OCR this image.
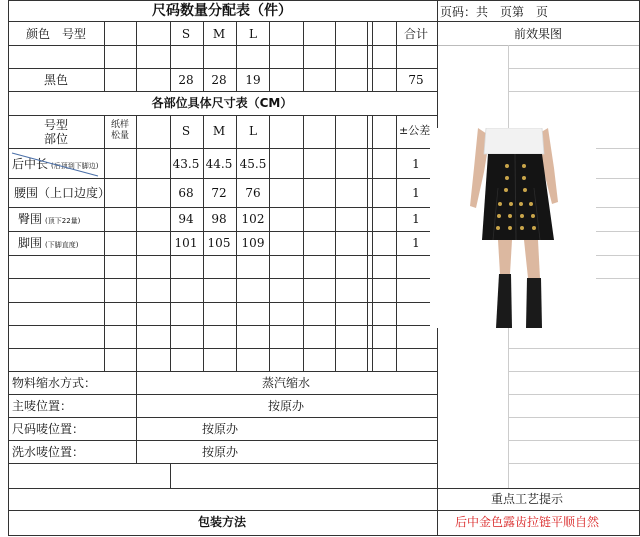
尺码数量分配表（件）	页码：共　页第　页
颜色　号型	S M L	合计	前效果图
黑色	28 28 19	75
各部位具体尺寸表（CM）
号型
部位
纸样
松量	S M L	±公差
后中长 (后顶到下脚边)	43.5 44.5 45.5	1
腰围（上口边度）	68 72 76	1
臀围 (顶下22量)	94 98 102	1
脚围 (下脚直度)	101 105 109	1
物料缩水方式：	蒸汽缩水
主唛位置：	按原办
尺码唛位置：	按原办
洗水唛位置：	按原办
重点工艺提示
包装方法	后中金色露齿拉链平顺自然
